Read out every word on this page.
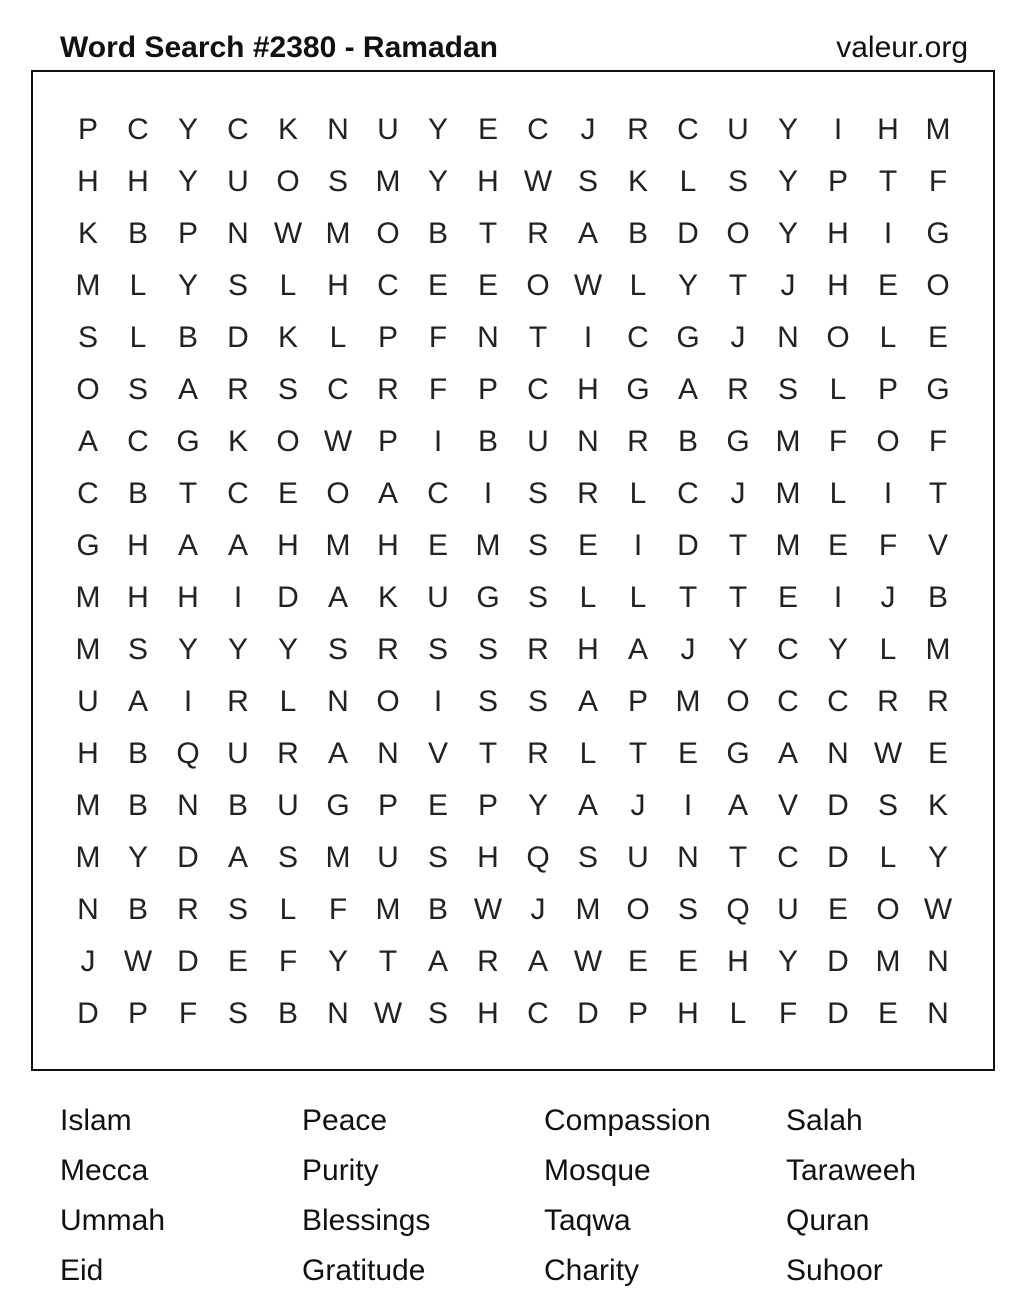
Word Search #2380 - Ramadan	valeur.org
P C Y C K N U Y E C	J	R C U Y	I	H M
H H Y U O S M Y H W S K	L	S Y P	T	F
K B P N W M O B	T	R A B D O Y H	I	G
M L	Y S	L	H C E E O W L	Y	T	J	H E O
S	L	B D K	L	P	F	N	T	I	C G	J	N O L	E
O S A R S C R	F	P C H G A R S	L	P G
A C G K O W P	I	B U N R B G M F O F
C B	T	C E O A C	I	S R	L	C	J	M L	I	T
G H A A H M H E M S E	I	D	T M E	F	V
M H H	I	D A K U G S	L	L	T	T	E	I	J	B
M S Y Y Y S R S S R H A	J	Y C Y	L M
U A	I	R	L	N O	I	S S A P M O C C R R
H B Q U R A N V	T	R	L	T	E G A N W E
M B N B U G P E P Y A	J	I	A V D S K
M Y D A S M U S H Q S U N	T	C D	L	Y
N B R S	L	F M B W J	M O S Q U E O W
J W D E	F	Y	T	A R A W E E H Y D M N
D P	F	S B N W S H C D P H	L	F	D E N
Islam
Mecca
Ummah
Eid
Peace
Purity
Blessings
Gratitude
Compassion
Mosque
Taqwa
Charity
Salah
Taraweeh
Quran
Suhoor
